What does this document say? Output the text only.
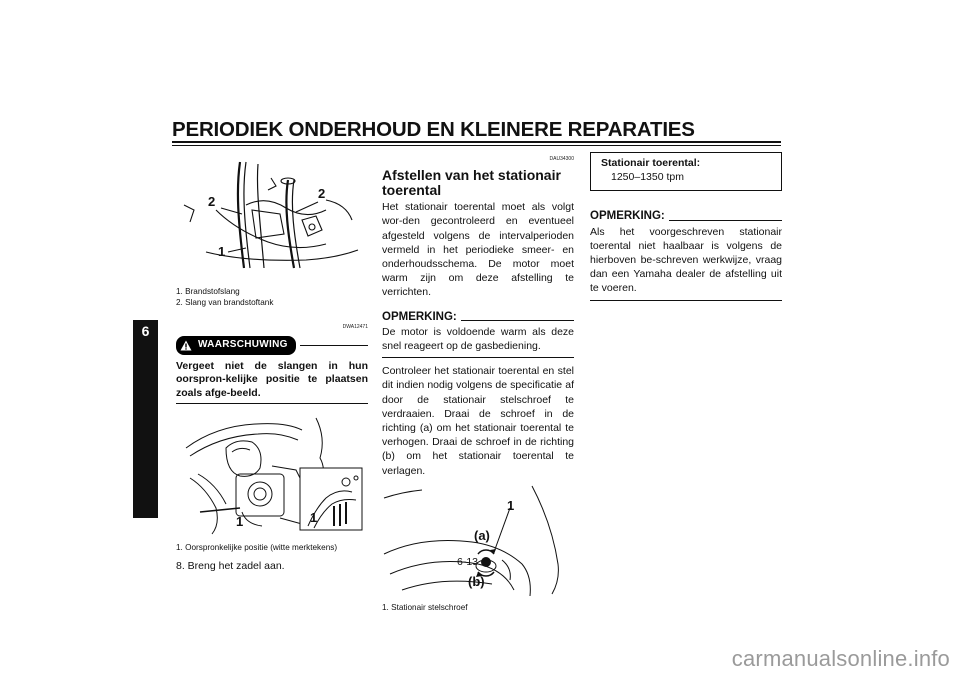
PERIODIEK ONDERHOUD EN KLEINERE REPARATIES
6
2
2
1
1. Brandstofslang
2. Slang van brandstoftank
DWA12471
WAARSCHUWING
Vergeet niet de slangen in hun oorspron-kelijke positie te plaatsen zoals afge-beeld.
1	1
1. Oorspronkelijke positie (witte merktekens)
8. Breng het zadel aan.
DAU34300
Afstellen van het stationair toerental
Het stationair toerental moet als volgt wor-den gecontroleerd en eventueel afgesteld volgens de intervalperioden vermeld in het periodieke smeer- en onderhoudsschema. De motor moet warm zijn om deze afstelling te verrichten.
OPMERKING:
De motor is voldoende warm als deze snel reageert op de gasbediening.
Controleer het stationair toerental en stel dit indien nodig volgens de specificatie af door de stationair stelschroef te verdraaien. Draai de schroef in de richting (a) om het stationair toerental te verhogen. Draai de schroef in de richting (b) om het stationair toerental te verlagen.
1
(a)
(b)
1. Stationair stelschroef
Stationair toerental:
1250–1350 tpm
OPMERKING:
Als het voorgeschreven stationair toerental niet haalbaar is volgens de hierboven be-schreven werkwijze, vraag dan een Yamaha dealer de afstelling uit te voeren.
6-13
carmanualsonline.info
